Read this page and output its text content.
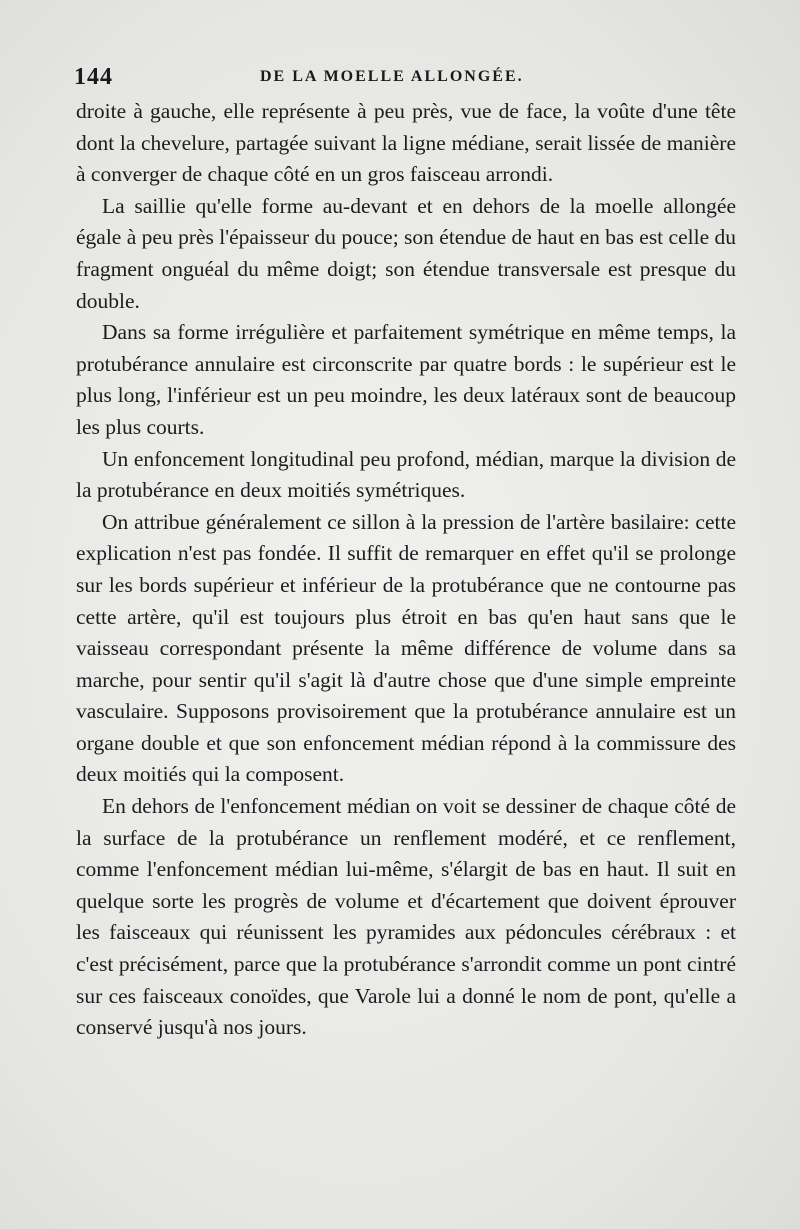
144	DE LA MOELLE ALLONGÉE.

droite à gauche, elle représente à peu près, vue de face, la voûte d'une tête dont la chevelure, partagée suivant la ligne médiane, serait lissée de manière à converger de chaque côté en un gros faisceau arrondi.

La saillie qu'elle forme au-devant et en dehors de la moelle allongée égale à peu près l'épaisseur du pouce; son étendue de haut en bas est celle du fragment onguéal du même doigt; son étendue transversale est presque du double.

Dans sa forme irrégulière et parfaitement symétrique en même temps, la protubérance annulaire est circonscrite par quatre bords : le supérieur est le plus long, l'inférieur est un peu moindre, les deux latéraux sont de beaucoup les plus courts.

Un enfoncement longitudinal peu profond, médian, marque la division de la protubérance en deux moitiés symétriques.

On attribue généralement ce sillon à la pression de l'artère basilaire: cette explication n'est pas fondée. Il suffit de remarquer en effet qu'il se prolonge sur les bords supérieur et inférieur de la protubérance que ne contourne pas cette artère, qu'il est toujours plus étroit en bas qu'en haut sans que le vaisseau correspondant présente la même différence de volume dans sa marche, pour sentir qu'il s'agit là d'autre chose que d'une simple empreinte vasculaire. Supposons provisoirement que la protubérance annulaire est un organe double et que son enfoncement médian répond à la commissure des deux moitiés qui la composent.

En dehors de l'enfoncement médian on voit se dessiner de chaque côté de la surface de la protubérance un renflement modéré, et ce renflement, comme l'enfoncement médian lui-même, s'élargit de bas en haut. Il suit en quelque sorte les progrès de volume et d'écartement que doivent éprouver les faisceaux qui réunissent les pyramides aux pédoncules cérébraux : et c'est précisément, parce que la protubérance s'arrondit comme un pont cintré sur ces faisceaux conoïdes, que Varole lui a donné le nom de pont, qu'elle a conservé jusqu'à nos jours.
